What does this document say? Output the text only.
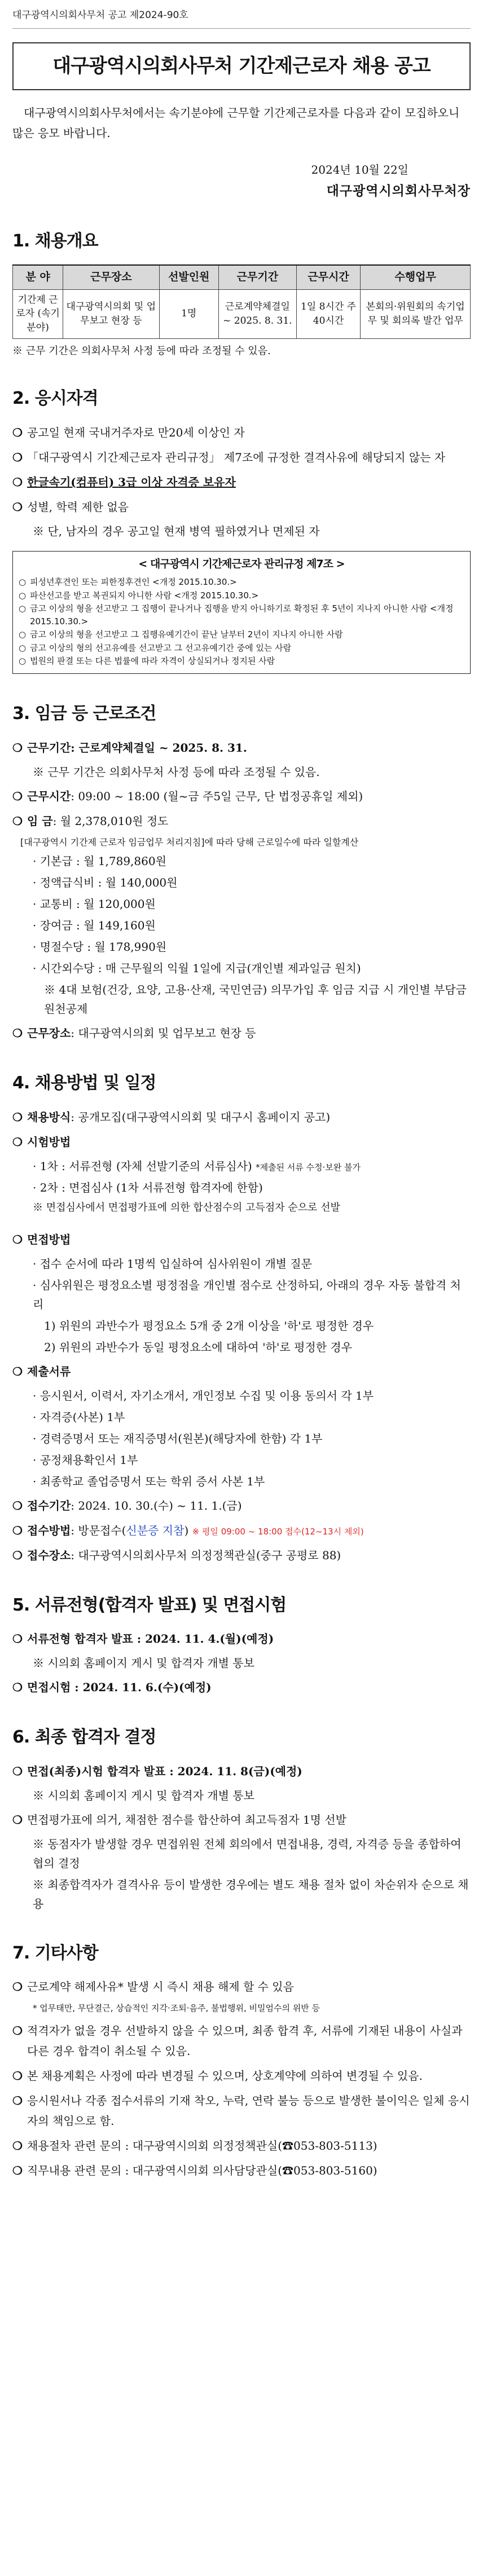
대구광역시의회사무처 공고 제2024-90호
대구광역시의회사무처 기간제근로자 채용 공고

대구광역시의회사무처에서는 속기분야에 근무할 기간제근로자를 다음과 같이 모집하오니 많은 응모 바랍니다.

2024년 10월 22일

대구광역시의회사무처장

1. 채용개요
분 야	근무장소	선발인원	근무기간	근무시간	수행업무
기간제 근로자 (속기분야)	대구광역시의회 및 업무보고 현장 등	1명	근로계약체결일 ~ 2025. 8. 31.	1일 8시간 주 40시간	본회의·위원회의 속기업무 및 회의록 발간 업무

※ 근무 기간은 의회사무처 사정 등에 따라 조정될 수 있음.

2. 응시자격
❍ 공고일 현재 국내거주자로 만20세 이상인 자
❍ 「대구광역시 기간제근로자 관리규정」 제7조에 규정한 결격사유에 해당되지 않는 자
❍ 한글속기(컴퓨터) 3급 이상 자격증 보유자
❍ 성별, 학력 제한 없음

※ 단, 남자의 경우 공고일 현재 병역 필하였거나 면제된 자

< 대구광역시 기간제근로자 관리규정 제7조 >
○ 피성년후견인 또는 피한정후견인 <개정 2015.10.30.>
○ 파산선고를 받고 복권되지 아니한 사람 <개정 2015.10.30.>
○ 금고 이상의 형을 선고받고 그 집행이 끝나거나 집행을 받지 아니하기로 확정된 후 5년이 지나지 아니한 사람 <개정 2015.10.30.>
○ 금고 이상의 형을 선고받고 그 집행유예기간이 끝난 날부터 2년이 지나지 아니한 사람
○ 금고 이상의 형의 선고유예를 선고받고 그 선고유예기간 중에 있는 사람
○ 법원의 판결 또는 다른 법률에 따라 자격이 상실되거나 정지된 사람
3. 임금 등 근로조건
❍ 근무기간: 근로계약체결일 ~ 2025. 8. 31.

※ 근무 기간은 의회사무처 사정 등에 따라 조정될 수 있음.

❍ 근무시간: 09:00 ~ 18:00 (월~금 주5일 근무, 단 법정공휴일 제외)
❍ 임 금: 월 2,378,010원 정도

[대구광역시 기간제 근로자 임금업무 처리지침]에 따라 당해 근로일수에 따라 일할계산

· 기본급 : 월 1,789,860원

· 정액급식비 : 월 140,000원

· 교통비 : 월 120,000원

· 장여금 : 월 149,160원

· 명절수당 : 월 178,990원

· 시간외수당 : 매 근무월의 익월 1일에 지급(개인별 제과일금 원치)

※ 4대 보험(건강, 요양, 고용·산재, 국민연금) 의무가입 후 임금 지급 시 개인별 부담금 원천공제

❍ 근무장소: 대구광역시의회 및 업무보고 현장 등
4. 채용방법 및 일정
❍ 채용방식: 공개모집(대구광역시의회 및 대구시 홈페이지 공고)
❍ 시험방법

· 1차 : 서류전형 (자체 선발기준의 서류심사) *제출된 서류 수정·보완 불가

· 2차 : 면접심사 (1차 서류전형 합격자에 한함)

※ 면접심사에서 면접평가표에 의한 합산점수의 고득점자 순으로 선발

❍ 면접방법

· 접수 순서에 따라 1명씩 입실하여 심사위원이 개별 질문

· 심사위원은 평정요소별 평정점을 개인별 점수로 산정하되, 아래의 경우 자동 불합격 처리

1) 위원의 과반수가 평정요소 5개 중 2개 이상을 '하'로 평정한 경우

2) 위원의 과반수가 동일 평정요소에 대하여 '하'로 평정한 경우

❍ 제출서류

· 응시원서, 이력서, 자기소개서, 개인정보 수집 및 이용 동의서 각 1부

· 자격증(사본) 1부

· 경력증명서 또는 재직증명서(원본)(해당자에 한함) 각 1부

· 공정채용확인서 1부

· 최종학교 졸업증명서 또는 학위 증서 사본 1부

❍ 접수기간: 2024. 10. 30.(수) ~ 11. 1.(금)
❍ 접수방법: 방문접수(신분증 지참) ※ 평일 09:00 ~ 18:00 접수(12~13시 제외)
❍ 접수장소: 대구광역시의회사무처 의정정책관실(중구 공평로 88)
5. 서류전형(합격자 발표) 및 면접시험
❍ 서류전형 합격자 발표 : 2024. 11. 4.(월)(예정)

※ 시의회 홈페이지 게시 및 합격자 개별 통보

❍ 면접시험 : 2024. 11. 6.(수)(예정)
6. 최종 합격자 결정
❍ 면접(최종)시험 합격자 발표 : 2024. 11. 8(금)(예정)

※ 시의회 홈페이지 게시 및 합격자 개별 통보

❍ 면접평가표에 의거, 채점한 점수를 합산하여 최고득점자 1명 선발

※ 동점자가 발생할 경우 면접위원 전체 회의에서 면접내용, 경력, 자격증 등을 종합하여 협의 결정

※ 최종합격자가 결격사유 등이 발생한 경우에는 별도 채용 절차 없이 차순위자 순으로 채용

7. 기타사항
❍ 근로계약 해제사유* 발생 시 즉시 채용 해제 할 수 있음

* 업무태만, 무단결근, 상습적인 지각·조퇴·음주, 불법행위, 비밀엄수의 위반 등

❍ 적격자가 없을 경우 선발하지 않을 수 있으며, 최종 합격 후, 서류에 기재된 내용이 사실과 다른 경우 합격이 취소될 수 있음.
❍ 본 채용계획은 사정에 따라 변경될 수 있으며, 상호계약에 의하여 변경될 수 있음.
❍ 응시원서나 각종 접수서류의 기재 착오, 누락, 연락 불능 등으로 발생한 불이익은 일체 응시자의 책임으로 함.
❍ 채용절차 관련 문의 : 대구광역시의회 의정정책관실(☎053-803-5113)
❍ 직무내용 관련 문의 : 대구광역시의회 의사담당관실(☎053-803-5160)
